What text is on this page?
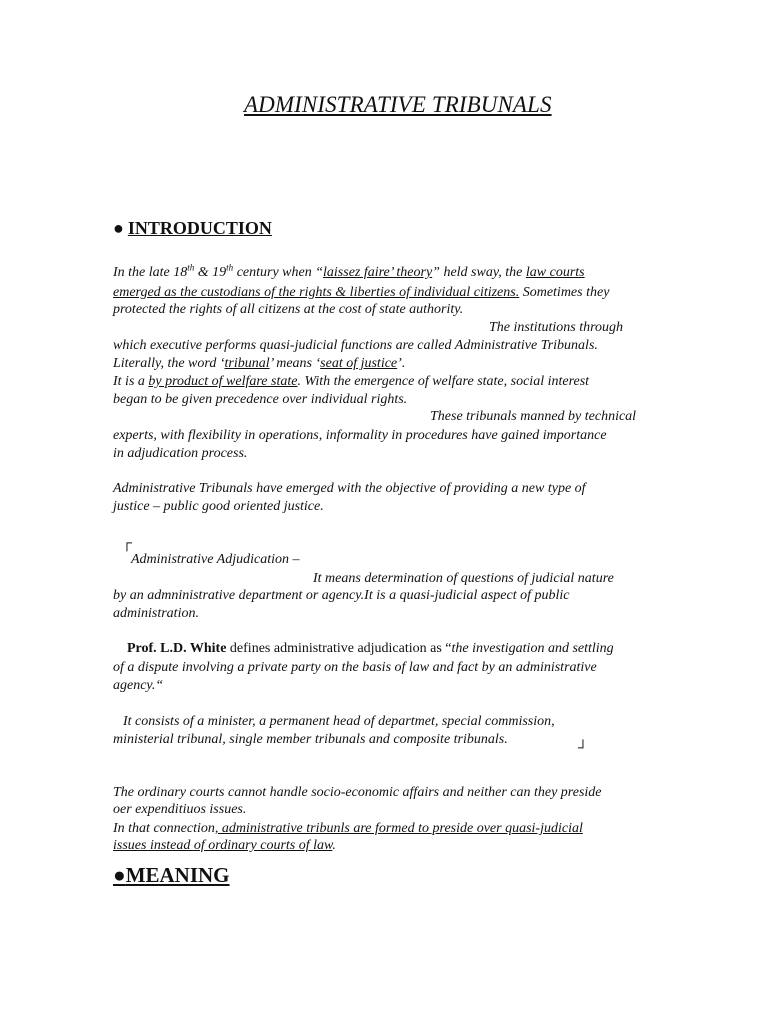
ADMINISTRATIVE TRIBUNALS
● INTRODUCTION
In the late 18th & 19th century when “laissez faire’ theory” held sway, the law courts
emerged as the custodians of the rights & liberties of individual citizens. Sometimes they
protected the rights of all citizens at the cost of state authority.
The institutions through
which executive performs quasi-judicial functions are called Administrative Tribunals.
Literally, the word ‘tribunal’ means ‘seat of justice’.
It is a by product of welfare state. With the emergence of welfare state, social interest
began to be given precedence over individual rights.
These tribunals manned by technical
experts, with flexibility in operations, informality in procedures have gained importance
in adjudication process.
Administrative Tribunals have emerged with the objective of providing a new type of
justice – public good oriented justice.
┌
Administrative Adjudication –
It means determination of questions of judicial nature
by an admninistrative department or agency.It is a quasi-judicial aspect of public
administration.
Prof. L.D. White defines administrative adjudication as “the investigation and settling
of a dispute involving a private party on the basis of law and fact by an administrative
agency.“
It consists of a minister, a permanent head of departmet, special commission,
ministerial tribunal, single member tribunals and composite tribunals.
┘
The ordinary courts cannot handle socio-economic affairs and neither can they preside
oer expenditiuos issues.
In that connection, administrative tribunls are formed to preside over quasi-judicial
issues instead of ordinary courts of law.
●MEANING
